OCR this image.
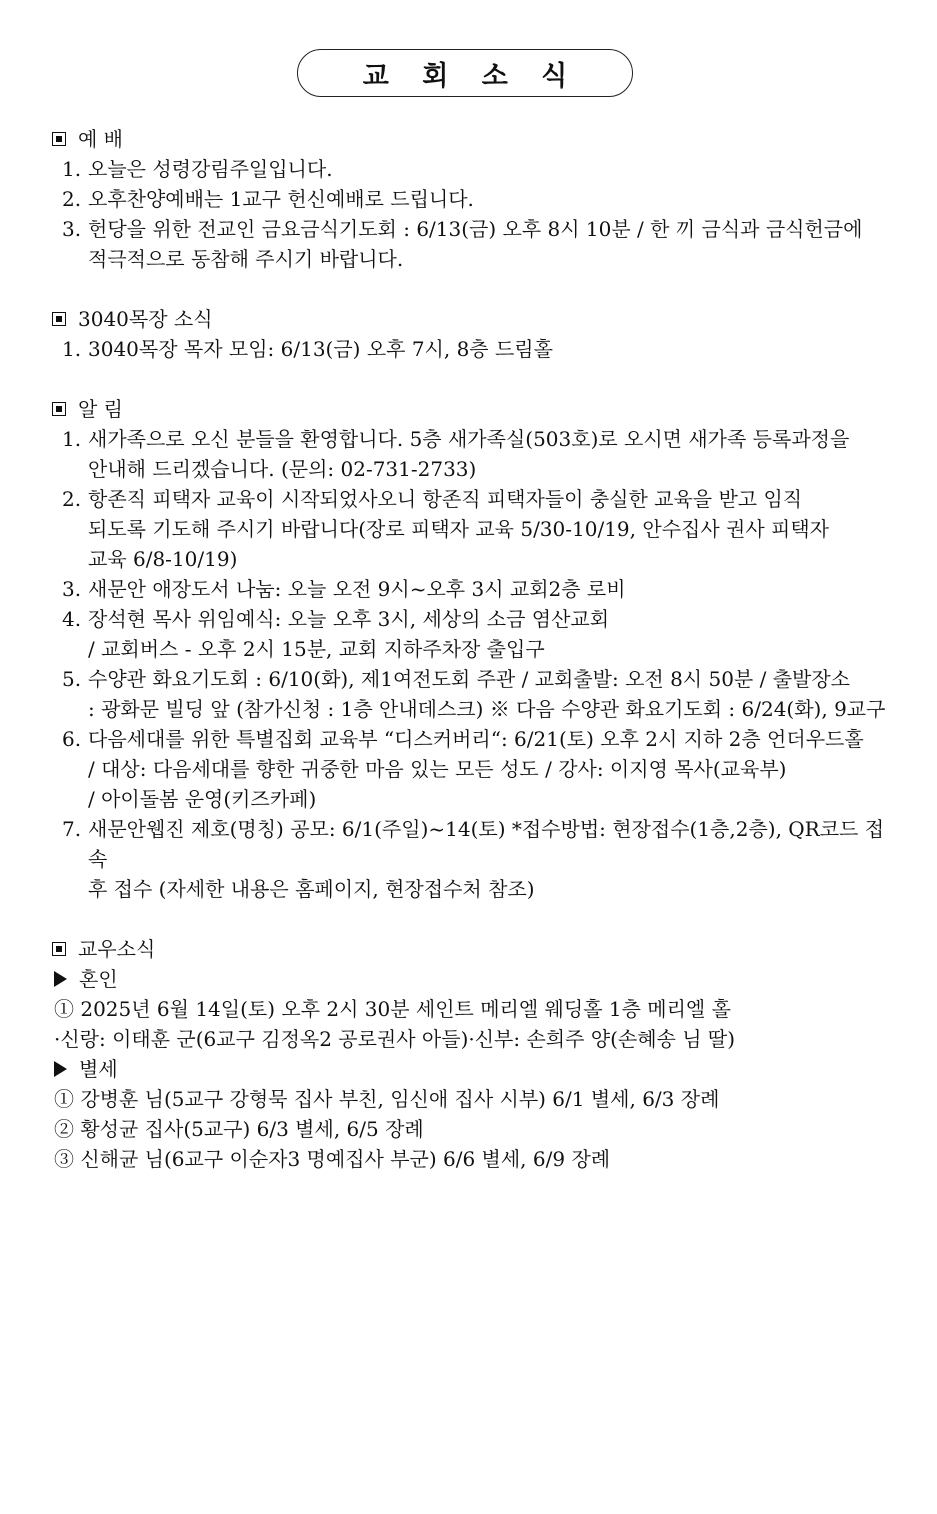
교 회 소 식
예 배
1. 오늘은 성령강림주일입니다.
2. 오후찬양예배는 1교구 헌신예배로 드립니다.
3. 헌당을 위한 전교인 금요금식기도회 : 6/13(금) 오후 8시 10분 / 한 끼 금식과 금식헌금에
적극적으로 동참해 주시기 바랍니다.
3040목장 소식
1. 3040목장 목자 모임: 6/13(금) 오후 7시, 8층 드림홀
알 림
1. 새가족으로 오신 분들을 환영합니다. 5층 새가족실(503호)로 오시면 새가족 등록과정을
안내해 드리겠습니다. (문의: 02-731-2733)
2. 항존직 피택자 교육이 시작되었사오니 항존직 피택자들이 충실한 교육을 받고 임직
되도록 기도해 주시기 바랍니다(장로 피택자 교육 5/30-10/19, 안수집사 권사 피택자
교육 6/8-10/19)
3. 새문안 애장도서 나눔: 오늘 오전 9시~오후 3시 교회2층 로비
4. 장석현 목사 위임예식: 오늘 오후 3시, 세상의 소금 염산교회
/ 교회버스 - 오후 2시 15분, 교회 지하주차장 출입구
5. 수양관 화요기도회 : 6/10(화), 제1여전도회 주관 / 교회출발: 오전 8시 50분 / 출발장소
: 광화문 빌딩 앞 (참가신청 : 1층 안내데스크) ※ 다음 수양관 화요기도회 : 6/24(화), 9교구
6. 다음세대를 위한 특별집회 교육부 “디스커버리“: 6/21(토) 오후 2시 지하 2층 언더우드홀
/ 대상: 다음세대를 향한 귀중한 마음 있는 모든 성도 / 강사: 이지영 목사(교육부)
/ 아이돌봄 운영(키즈카페)
7. 새문안웹진 제호(명칭) 공모: 6/1(주일)~14(토) *접수방법: 현장접수(1층,2층), QR코드 접속
후 접수 (자세한 내용은 홈페이지, 현장접수처 참조)
교우소식
혼인
① 2025년 6월 14일(토) 오후 2시 30분 세인트 메리엘 웨딩홀 1층 메리엘 홀
·신랑: 이태훈 군(6교구 김정옥2 공로권사 아들)·신부: 손희주 양(손혜송 님 딸)
별세
① 강병훈 님(5교구 강형묵 집사 부친, 임신애 집사 시부) 6/1 별세, 6/3 장례
② 황성균 집사(5교구) 6/3 별세, 6/5 장례
③ 신해균 님(6교구 이순자3 명예집사 부군) 6/6 별세, 6/9 장례
